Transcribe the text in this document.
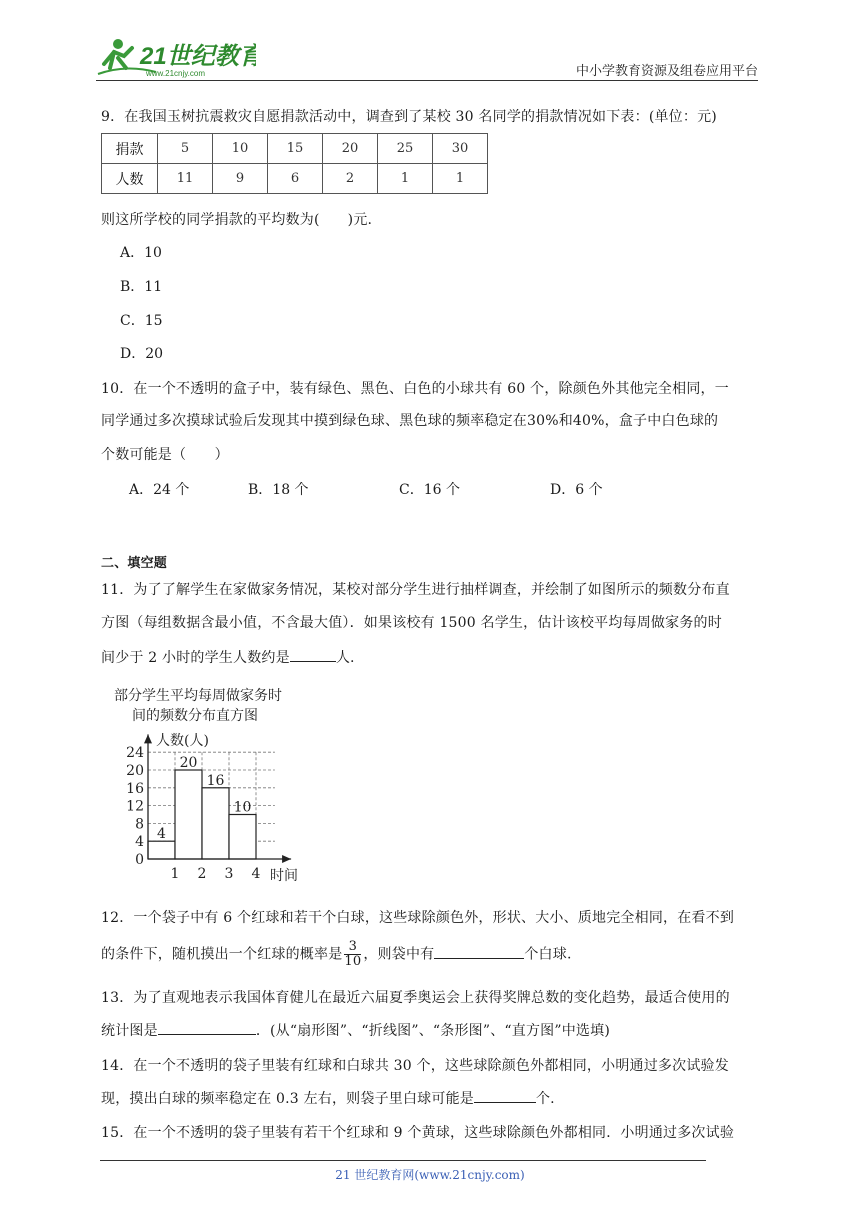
21世纪教育
www.21cnjy.com	中小学教育资源及组卷应用平台
9．在我国玉树抗震救灾自愿捐款活动中，调查到了某校 30 名同学的捐款情况如下表：(单位：元)
捐款	5	10	15	20	25	30
人数	11	9	6	2	1	1
则这所学校的同学捐款的平均数为( )元.
A．10
B．11
C．15
D．20
10．在一个不透明的盒子中，装有绿色、黑色、白色的小球共有 60 个，除颜色外其他完全相同，一
同学通过多次摸球试验后发现其中摸到绿色球、黑色球的频率稳定在30%和40%，盒子中白色球的
个数可能是（　　）
A．24 个	B．18 个	C．16 个	D．6 个
二、填空题
11．为了了解学生在家做家务情况，某校对部分学生进行抽样调查，并绘制了如图所示的频数分布直
方图（每组数据含最小值，不含最大值）．如果该校有 1500 名学生，估计该校平均每周做家务的时
间少于 2 小时的学生人数约是	人.
部分学生平均每周做家务时
间的频数分布直方图
人数(人)
时间
0
4
8
12
16
20
24
4
20
16
10
1 2 3 4
12．一个袋子中有 6 个红球和若干个白球，这些球除颜色外，形状、大小、质地完全相同，在看不到
的条件下，随机摸出一个红球的概率是 $\frac{3}{10}$ ，则袋中有	个白球.
13．为了直观地表示我国体育健儿在最近六届夏季奥运会上获得奖牌总数的变化趋势，最适合使用的
统计图是	．(从“扇形图”、“折线图”、“条形图”、“直方图”中选填)
14．在一个不透明的袋子里装有红球和白球共 30 个，这些球除颜色外都相同，小明通过多次试验发
现，摸出白球的频率稳定在 0.3 左右，则袋子里白球可能是	个.
15．在一个不透明的袋子里装有若干个红球和 9 个黄球，这些球除颜色外都相同．小明通过多次试验
21 世纪教育网(www.21cnjy.com)
